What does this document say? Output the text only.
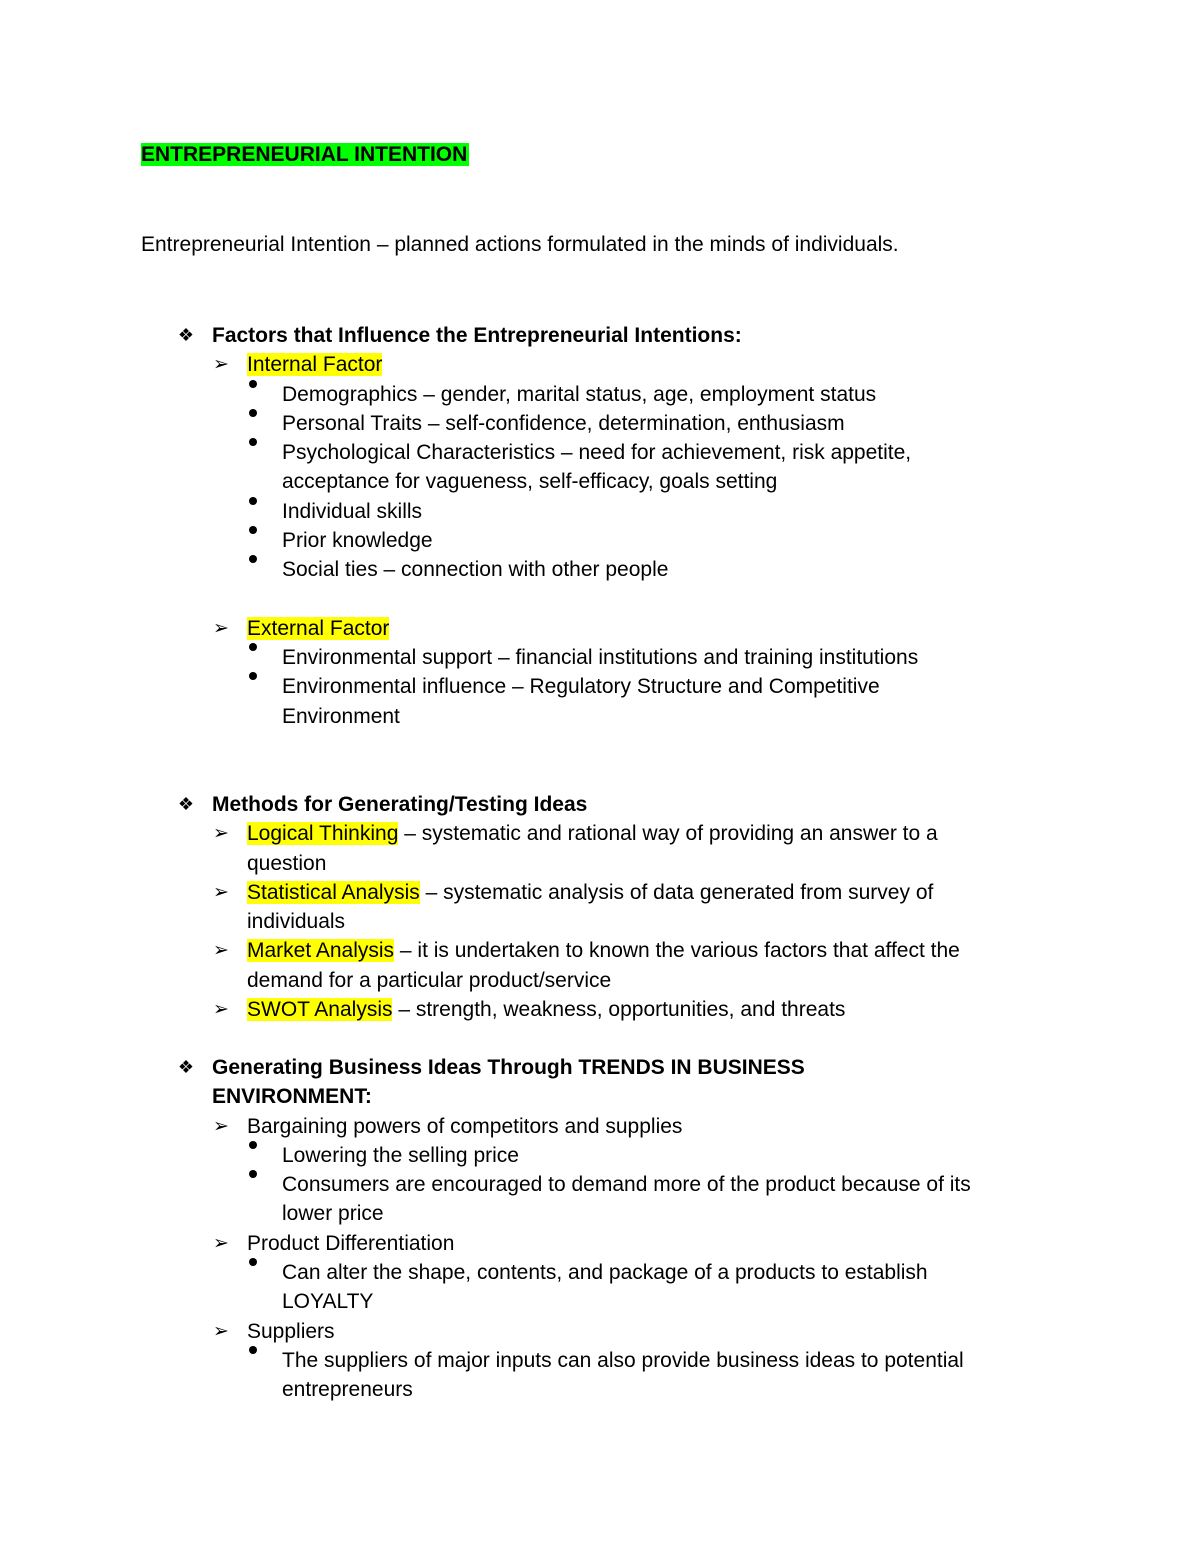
ENTREPRENEURIAL INTENTION
Entrepreneurial Intention – planned actions formulated in the minds of individuals.
❖ Factors that Influence the Entrepreneurial Intentions:
➢ Internal Factor
Demographics – gender, marital status, age, employment status
Personal Traits – self-confidence, determination, enthusiasm
Psychological Characteristics – need for achievement, risk appetite,
acceptance for vagueness, self-efficacy, goals setting
Individual skills
Prior knowledge
Social ties – connection with other people
➢ External Factor
Environmental support – financial institutions and training institutions
Environmental influence – Regulatory Structure and Competitive
Environment
❖ Methods for Generating/Testing Ideas
➢ Logical Thinking – systematic and rational way of providing an answer to a
question
➢ Statistical Analysis – systematic analysis of data generated from survey of
individuals
➢ Market Analysis – it is undertaken to known the various factors that affect the
demand for a particular product/service
➢ SWOT Analysis – strength, weakness, opportunities, and threats
❖ Generating Business Ideas Through TRENDS IN BUSINESS
ENVIRONMENT:
➢ Bargaining powers of competitors and supplies
Lowering the selling price
Consumers are encouraged to demand more of the product because of its
lower price
➢ Product Differentiation
Can alter the shape, contents, and package of a products to establish
LOYALTY
➢ Suppliers
The suppliers of major inputs can also provide business ideas to potential
entrepreneurs
